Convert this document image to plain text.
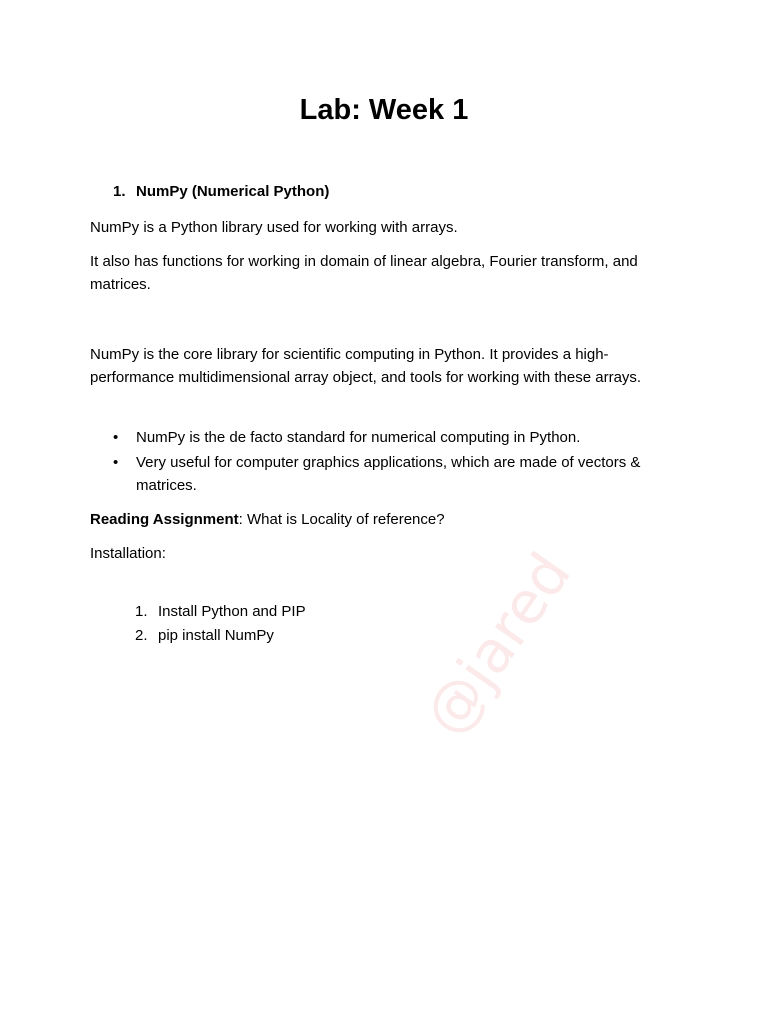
Lab: Week 1

1. NumPy (Numerical Python)

NumPy is a Python library used for working with arrays.

It also has functions for working in domain of linear algebra, Fourier transform, and matrices.

NumPy is the core library for scientific computing in Python. It provides a high-performance multidimensional array object, and tools for working with these arrays.

• NumPy is the de facto standard for numerical computing in Python.
• Very useful for computer graphics applications, which are made of vectors & matrices.

Reading Assignment: What is Locality of reference?

Installation:

1. Install Python and PIP
2. pip install NumPy	@jared
